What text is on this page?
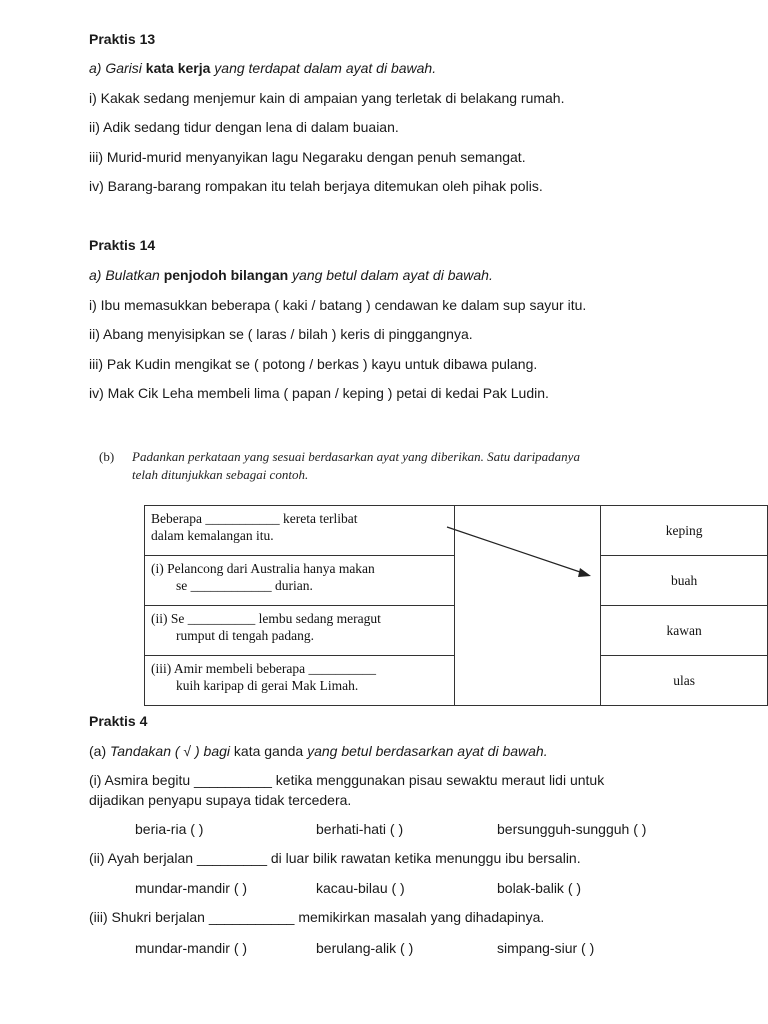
Praktis 13
a) Garisi kata kerja yang terdapat dalam ayat di bawah.
i) Kakak sedang menjemur kain di ampaian yang terletak di belakang rumah.
ii) Adik sedang tidur dengan lena di dalam buaian.
iii) Murid-murid menyanyikan lagu Negaraku dengan penuh semangat.
iv) Barang-barang rompakan itu telah berjaya ditemukan oleh pihak polis.
Praktis 14
a) Bulatkan penjodoh bilangan yang betul dalam ayat di bawah.
i) Ibu memasukkan beberapa ( kaki / batang ) cendawan ke dalam sup sayur itu.
ii) Abang menyisipkan se ( laras / bilah ) keris di pinggangnya.
iii) Pak Kudin mengikat se ( potong / berkas ) kayu untuk dibawa pulang.
iv) Mak Cik Leha membeli lima ( papan / keping ) petai di kedai Pak Ludin.
(b) Padankan perkataan yang sesuai berdasarkan ayat yang diberikan. Satu daripadanya
telah ditunjukkan sebagai contoh.
Beberapa ___________ kereta terlibat
dalam kemalangan itu.		keping
(i) Pelancong dari Australia hanya makan

se ____________ durian.		buah
(ii) Se __________ lembu sedang meragut

rumput di tengah padang.		kawan
(iii) Amir membeli beberapa __________

kuih karipap di gerai Mak Limah.		ulas
Praktis 4
(a) Tandakan ( √ ) bagi kata ganda yang betul berdasarkan ayat di bawah.
(i) Asmira begitu __________ ketika menggunakan pisau sewaktu meraut lidi untuk
dijadikan penyapu supaya tidak tercedera.
beria-ria ( )	berhati-hati ( )	bersungguh-sungguh ( )
(ii) Ayah berjalan _________ di luar bilik rawatan ketika menunggu ibu bersalin.
mundar-mandir ( )	kacau-bilau ( )	bolak-balik ( )
(iii) Shukri berjalan ___________ memikirkan masalah yang dihadapinya.
mundar-mandir ( )	berulang-alik ( )	simpang-siur ( )
